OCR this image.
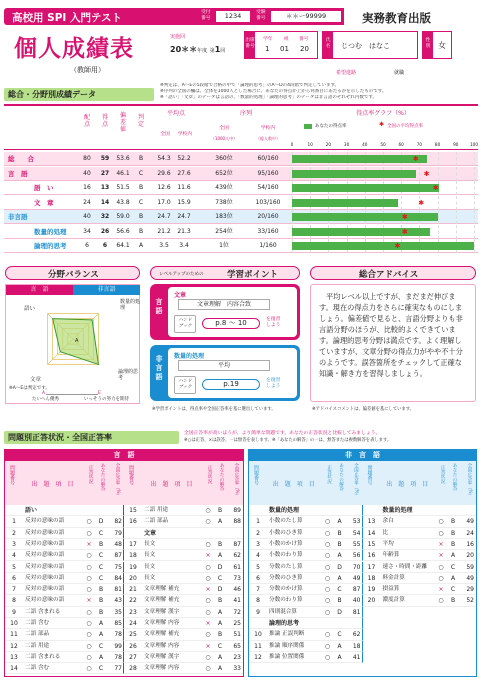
高校用 SPI 入門テスト	受付
番号	1234	受験
番号	＊＊ー99999	実務教育出版
個人成績表
（教師用）
実施回
20＊＊年度 第1回
出席
番号
学年 組 番号
1 01 20
氏
名	じつむ　はなこ
性
別 女
希望進路	就職
総合・分野別成績データ
※判定は、A〜Eの5段階で合格の中で「論理的思考」のA〜Dの4段階で判定しています。
※序列の全国の欄は、全体を1000人とした場合に、あなたの得点が上から何番目にあたるかを示したものです。
※「語い」「文章」のデータは言語の、「数量的処理」「論理的思考」のデータは非言語のそれぞれ内数です。
配点
得点
偏差値
判定
平均点
全国	学校内
序列
全国
（1000人中）
学校内
（総人数中）
得点率グラフ（%）
あなたの得点率	✱ 全国の平均得点率
0	10	20	30	40	50	60	70	80	90	100
総　　合	80	59	53.6	B	54.3	52.2	360位	60/160	✱
言　語	40	27	46.1	C	29.6	27.6	652位	95/160	✱
語　い	16	13	51.5	B	12.6	11.6	439位	54/160	✱
文　章	24	14	43.8	C	17.0	15.9	738位	103/160	✱
非言語	40	32	59.0	B	24.7	24.7	183位	20/160	✱
数量的処理	34	26	56.6	B	21.2	21.3	254位	33/160	✱
論理的思考	6	6	64.1	A	3.5	3.4	1位	1/160	✱
分野バランス
言　語	非言語
A
語い
文章
論理的思考
数量的処理
※A〜Eは判定です。
A	E
たいへん優秀	いっそうの努力を期待
レベルアップのための	学習ポイント
言語
文章
文章理解　内容合致
ハンド
ブック	p.8 〜 10	を復習
しよう
非言語
数量的処理
平均
ハンド
ブック	p.19	を復習
しよう
※学習ポイントは、得点率や全国正答率を基に選出しています。
総合アドバイス
平均レベル以上ですが、まだまだ伸びます。現在の得点力をさらに確実なものにしましょう。偏差値で見ると、言語分野よりも非言語分野のほうが、比較的よくできています。論理的思考分野は満点です。よく理解していますが、文章分野の得点力がやや不十分のようです。誤答箇所をチェックして正確な知識・解き方を習得しましょう。
※アドバイスコメントは、偏差値を基にしています。
問題別正答状況・全国正答率	全国正答率が高いほうが、より簡単な問題です。あなたの正答状況と比較してみましょう。
※○は正答、×は誤答、一は無答を表します。※「あなたの解答」の一は、無答または複数解答を表します。
言　語
問題番号	出　題　項　目
正答状況	あなたの解答	全国正答率（%）	問題番号	出　題　項　目
正答状況	あなたの解答	全国正答率（%）
語い
1	反対の意味の語	○	D	82
2	反対の意味の語	○	C	79
3	反対の意味の語	×	B	48
4	反対の意味の語	○	C	87
5	反対の意味の語	○	C	75
6	反対の意味の語	○	C	84
7	反対の意味の語	○	B	81
8	反対の意味の語	×	B	43
9	二語 含まれる	○	B	35
10	二語 含む	○	A	85
11	二語 部品	○	A	78
12	二語 用途	○	C	99
13	二語 含まれる	○	A	78
14	二語 含む	○	C	77
15	二語 用途	○	B	89
16	二語 部品	○	A	88
文章
17	長文	○	B	87
18	長文	×	A	62
19	長文	○	D	61
20	長文	○	C	73
21	文章理解 補充	×	D	46
22	文章理解 補充	○	B	41
23	文章理解 漢字	○	A	72
24	文章理解 内容	×	A	25
25	文章理解 補充	○	B	51
26	文章理解 内容	×	C	65
27	文章理解 漢字	○	A	23
28	文章理解 内容	○	A	33
非　言　語
問題番号	出　題　項　目
正答状況	あなたの解答	全国正答率（%）	問題番号	出　題　項　目
正答状況	あなたの解答	全国正答率（%）
数量的処理
1	小数のたし算	○	A	53
2	小数のひき算	○	B	54
3	小数のかけ算	○	B	55
4	小数のわり算	○	A	56
5	分数のたし算	○	D	70
6	分数のひき算	○	A	49
7	分数のかけ算	○	C	87
8	分数のわり算	○	B	40
9	四則混合算	○	D	81
論理的思考
10	推論 正誤判断	○	C	62
11	推論 順序関係	○	A	18
12	推論 位置関係	○	A	41
数量的処理
13	余白	○	B	49
14	比	○	B	24
15	平均	×	B	16
16	年齢算	×	A	20
17	速さ・時間・距離	○	C	59
18	料金計算	○	A	49
19	損益算	×	C	29
20	濃度計算	○	B	52
